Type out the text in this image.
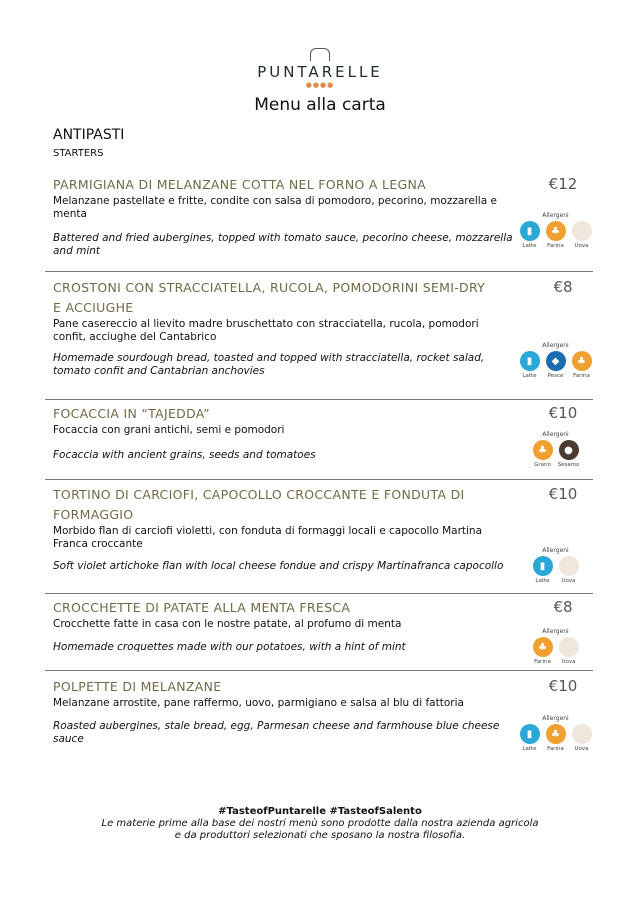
PUNTARELLE
●●●●
Menu alla carta
ANTIPASTI
STARTERS
PARMIGIANA DI MELANZANE COTTA NEL FORNO A LEGNA
Melanzane pastellate e fritte, condite con salsa di pomodoro, pecorino, mozzarella e menta
Battered and fried aubergines, topped with tomato sauce, pecorino cheese, mozzarella and mint
€12
Allergeni
▮
Latte
♣
Farina Uova
CROSTONI CON STRACCIATELLA, RUCOLA, POMODORINI SEMI-DRY E ACCIUGHE
Pane casereccio al lievito madre bruschettato con stracciatella, rucola, pomodori confit, acciughe del Cantabrico
Homemade sourdough bread, toasted and topped with stracciatella, rocket salad, tomato confit and Cantabrian anchovies
€8
Allergeni
▮
Latte
◆
Pesce
♣
Farina
FOCACCIA IN “TAJEDDA”
Focaccia con grani antichi, semi e pomodori
Focaccia with ancient grains, seeds and tomatoes
€10
Allergeni
♣
Grano
●
Sesamo
TORTINO DI CARCIOFI, CAPOCOLLO CROCCANTE E FONDUTA DI FORMAGGIO
Morbido flan di carciofi violetti, con fonduta di formaggi locali e capocollo Martina Franca croccante
Soft violet artichoke flan with local cheese fondue and crispy Martinafranca capocollo
€10
Allergeni
▮
Latte Uova
CROCCHETTE DI PATATE ALLA MENTA FRESCA
Crocchette fatte in casa con le nostre patate, al profumo di menta
Homemade croquettes made with our potatoes, with a hint of mint
€8
Allergeni
♣
Farina Uova
POLPETTE DI MELANZANE
Melanzane arrostite, pane raffermo, uovo, parmigiano e salsa al blu di fattoria
Roasted aubergines, stale bread, egg, Parmesan cheese and farmhouse blue cheese sauce
€10
Allergeni
▮
Latte
♣
Farina Uova
#TasteofPuntarelle #TasteofSalento
Le materie prime alla base dei nostri menù sono prodotte dalla nostra azienda agricola
e da produttori selezionati che sposano la nostra filosofia.
